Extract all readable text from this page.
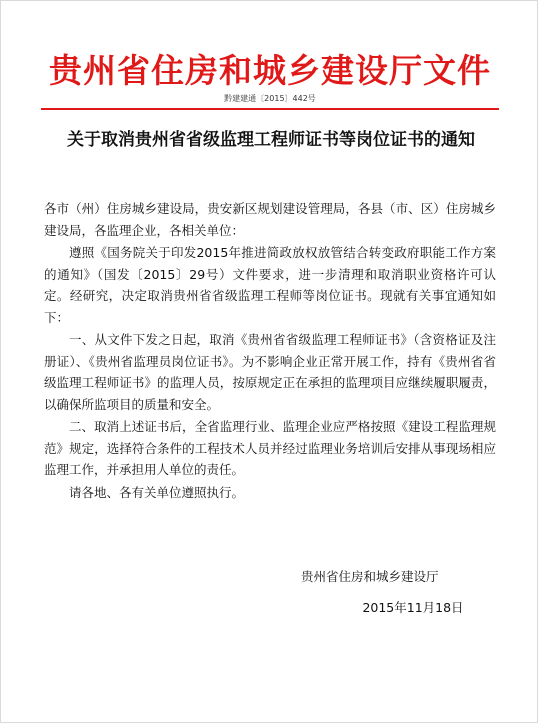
贵州省住房和城乡建设厅文件
黔建建通〔2015〕442号
关于取消贵州省省级监理工程师证书等岗位证书的通知

各市（州）住房城乡建设局，贵安新区规划建设管理局，各县（市、区）住房城乡建设局，各监理企业，各相关单位：

遵照《国务院关于印发2015年推进简政放权放管结合转变政府职能工作方案的通知》（国发〔2015〕29号）文件要求，进一步清理和取消职业资格许可认定。经研究，决定取消贵州省省级监理工程师等岗位证书。现就有关事宜通知如下：

一、从文件下发之日起，取消《贵州省省级监理工程师证书》（含资格证及注册证）、《贵州省监理员岗位证书》。为不影响企业正常开展工作，持有《贵州省省级监理工程师证书》的监理人员，按原规定正在承担的监理项目应继续履职履责，以确保所监项目的质量和安全。

二、取消上述证书后，全省监理行业、监理企业应严格按照《建设工程监理规范》规定，选择符合条件的工程技术人员并经过监理业务培训后安排从事现场相应监理工作，并承担用人单位的责任。

请各地、各有关单位遵照执行。

贵州省住房和城乡建设厅
2015年11月18日
